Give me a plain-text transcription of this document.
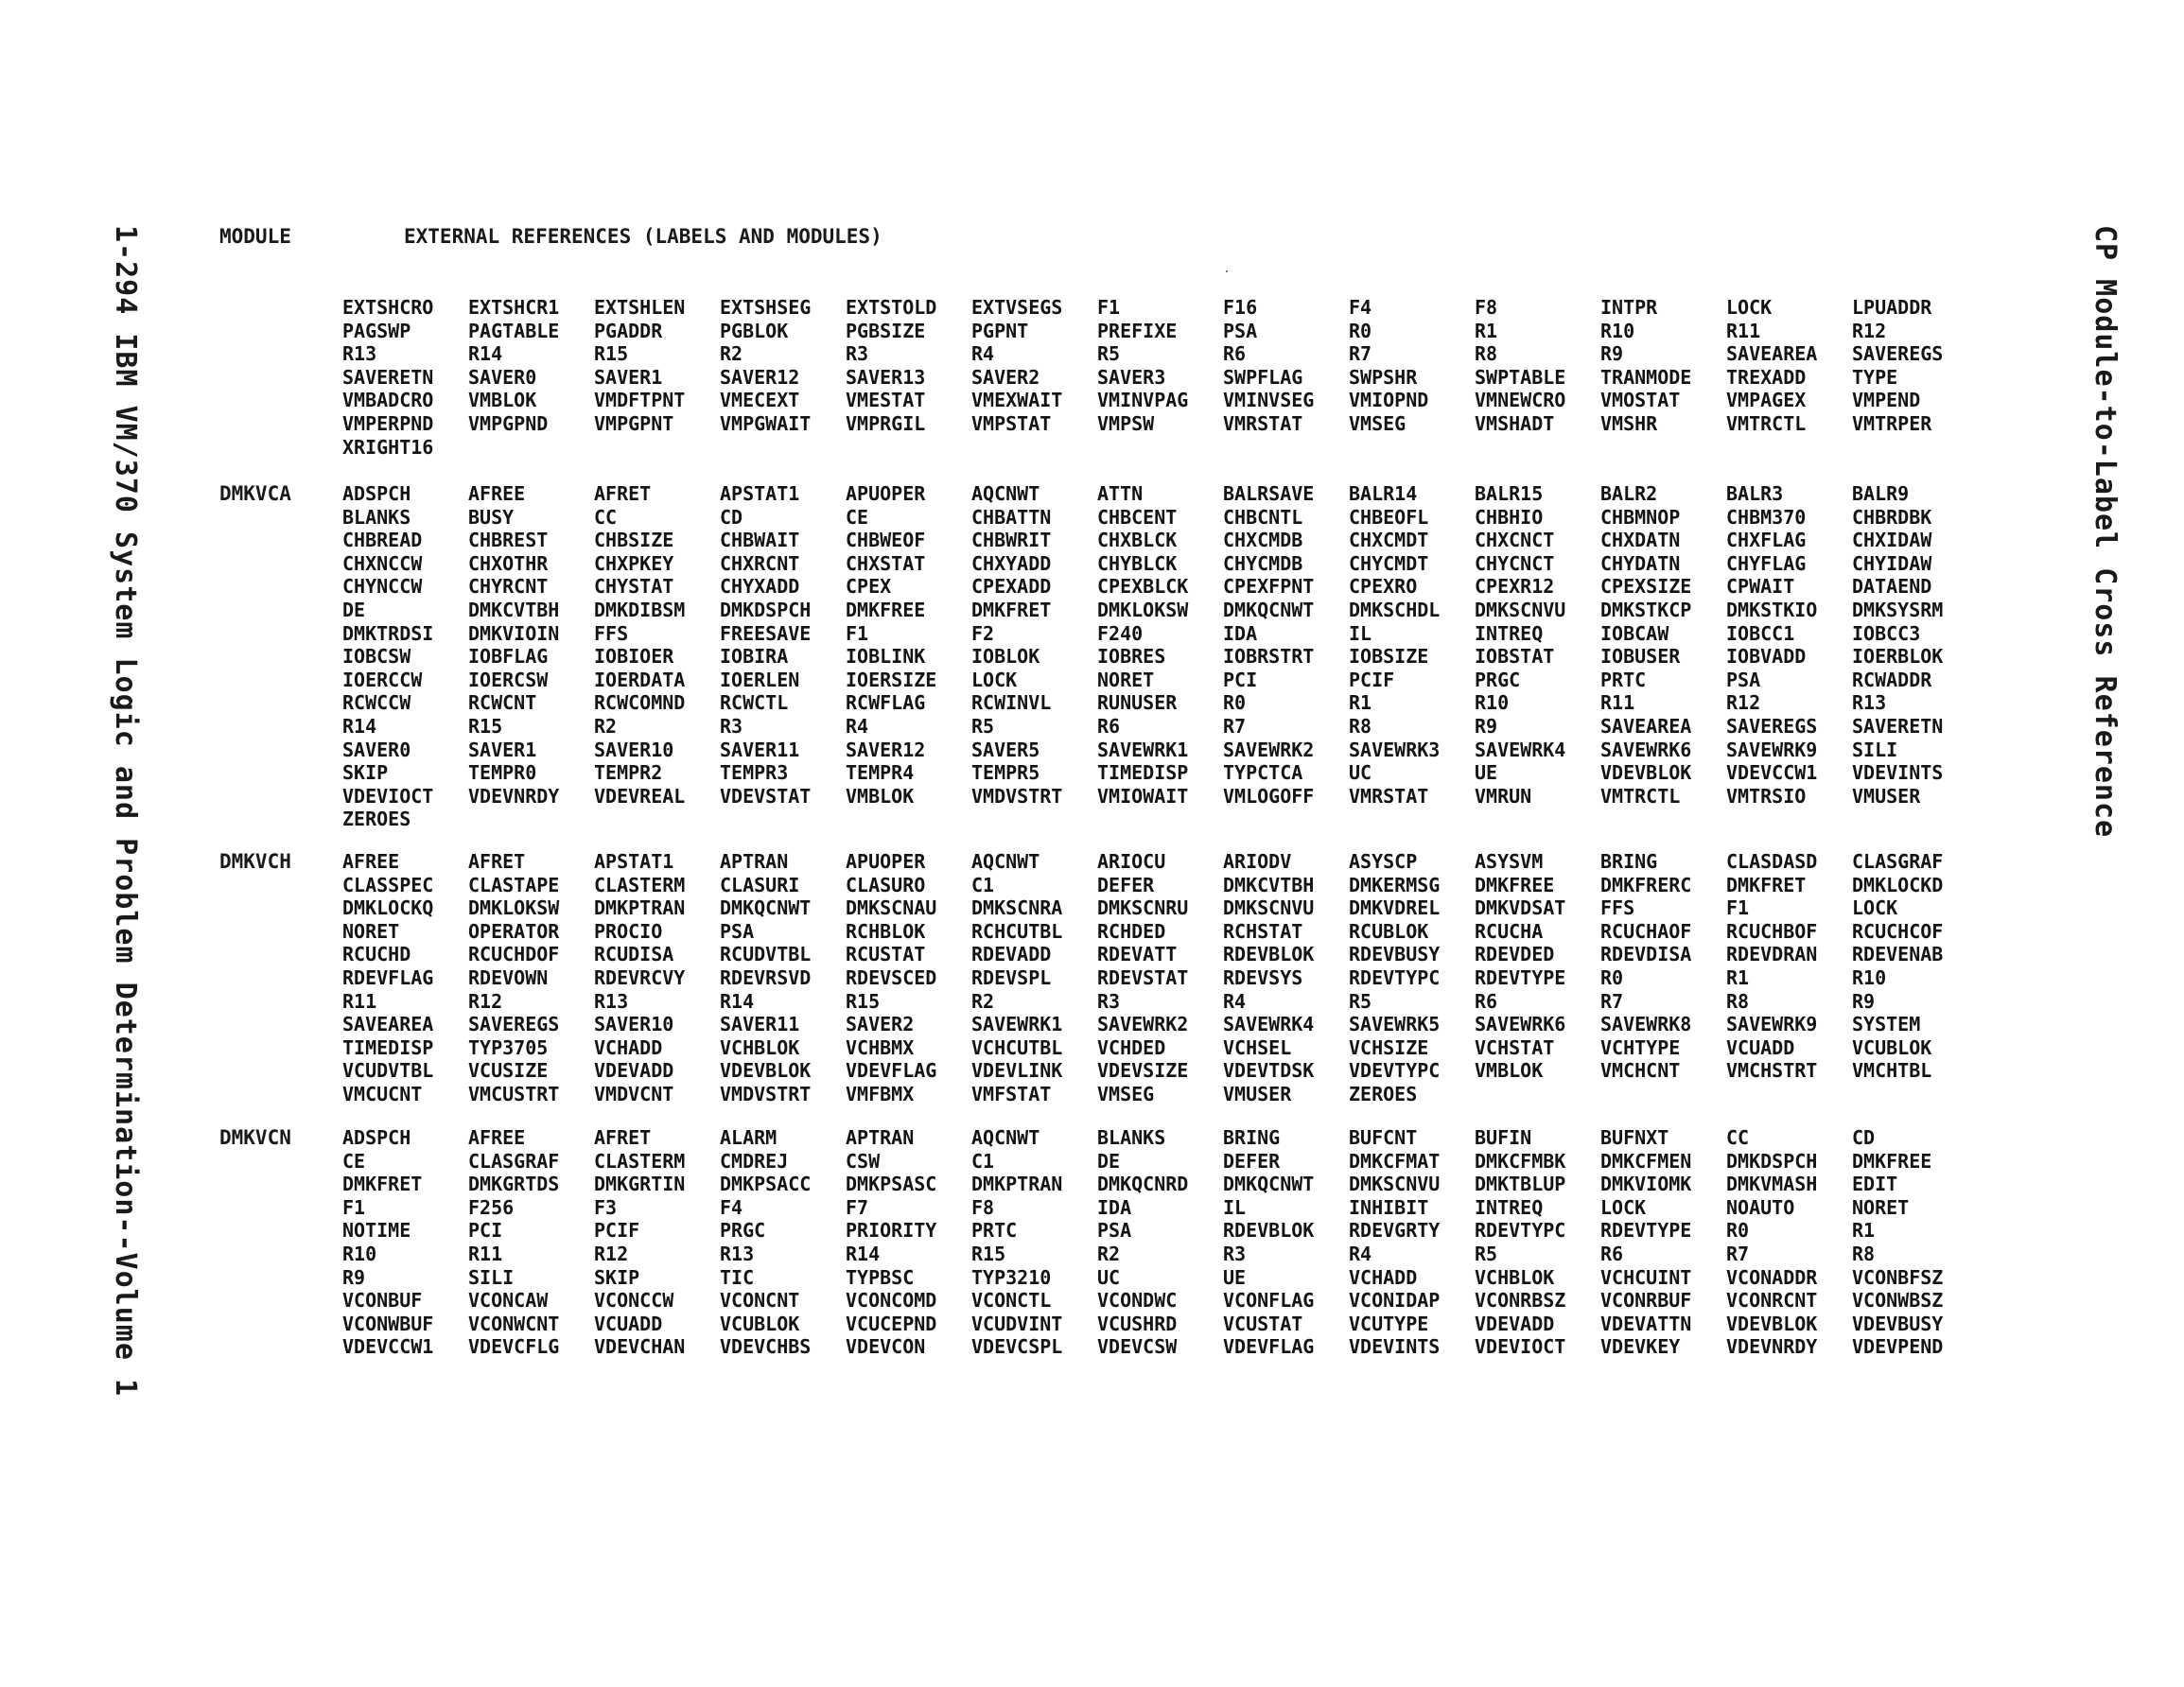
1-294 IBM VM/370 System Logic and Problem Determination--Volume 1	CP Module-to-Label Cross Reference
MODULE	EXTERNAL REFERENCES (LABELS AND MODULES)
EXTSHCRO	EXTSHCR1	EXTSHLEN	EXTSHSEG	EXTSTOLD	EXTVSEGS	F1	F16	F4	F8	INTPR	LOCK	LPUADDR
PAGSWP	PAGTABLE	PGADDR	PGBLOK	PGBSIZE	PGPNT	PREFIXE	PSA	R0	R1	R10	R11	R12
R13	R14	R15	R2	R3	R4	R5	R6	R7	R8	R9	SAVEAREA	SAVEREGS
SAVERETN	SAVER0	SAVER1	SAVER12	SAVER13	SAVER2	SAVER3	SWPFLAG	SWPSHR	SWPTABLE	TRANMODE	TREXADD	TYPE
VMBADCRO	VMBLOK	VMDFTPNT	VMECEXT	VMESTAT	VMEXWAIT	VMINVPAG	VMINVSEG	VMIOPND	VMNEWCRO	VMOSTAT	VMPAGEX	VMPEND
VMPERPND	VMPGPND	VMPGPNT	VMPGWAIT	VMPRGIL	VMPSTAT	VMPSW	VMRSTAT	VMSEG	VMSHADT	VMSHR	VMTRCTL	VMTRPER
XRIGHT16
DMKVCA	ADSPCH	AFREE	AFRET	APSTAT1	APUOPER	AQCNWT	ATTN	BALRSAVE	BALR14	BALR15	BALR2	BALR3	BALR9
BLANKS	BUSY	CC	CD	CE	CHBATTN	CHBCENT	CHBCNTL	CHBEOFL	CHBHIO	CHBMNOP	CHBM370	CHBRDBK
CHBREAD	CHBREST	CHBSIZE	CHBWAIT	CHBWEOF	CHBWRIT	CHXBLCK	CHXCMDB	CHXCMDT	CHXCNCT	CHXDATN	CHXFLAG	CHXIDAW
CHXNCCW	CHXOTHR	CHXPKEY	CHXRCNT	CHXSTAT	CHXYADD	CHYBLCK	CHYCMDB	CHYCMDT	CHYCNCT	CHYDATN	CHYFLAG	CHYIDAW
CHYNCCW	CHYRCNT	CHYSTAT	CHYXADD	CPEX	CPEXADD	CPEXBLCK	CPEXFPNT	CPEXRO	CPEXR12	CPEXSIZE	CPWAIT	DATAEND
DE	DMKCVTBH	DMKDIBSM	DMKDSPCH	DMKFREE	DMKFRET	DMKLOKSW	DMKQCNWT	DMKSCHDL	DMKSCNVU	DMKSTKCP	DMKSTKIO	DMKSYSRM
DMKTRDSI	DMKVIOIN	FFS	FREESAVE	F1	F2	F240	IDA	IL	INTREQ	IOBCAW	IOBCC1	IOBCC3
IOBCSW	IOBFLAG	IOBIOER	IOBIRA	IOBLINK	IOBLOK	IOBRES	IOBRSTRT	IOBSIZE	IOBSTAT	IOBUSER	IOBVADD	IOERBLOK
IOERCCW	IOERCSW	IOERDATA	IOERLEN	IOERSIZE	LOCK	NORET	PCI	PCIF	PRGC	PRTC	PSA	RCWADDR
RCWCCW	RCWCNT	RCWCOMND	RCWCTL	RCWFLAG	RCWINVL	RUNUSER	R0	R1	R10	R11	R12	R13
R14	R15	R2	R3	R4	R5	R6	R7	R8	R9	SAVEAREA	SAVEREGS	SAVERETN
SAVER0	SAVER1	SAVER10	SAVER11	SAVER12	SAVER5	SAVEWRK1	SAVEWRK2	SAVEWRK3	SAVEWRK4	SAVEWRK6	SAVEWRK9	SILI
SKIP	TEMPR0	TEMPR2	TEMPR3	TEMPR4	TEMPR5	TIMEDISP	TYPCTCA	UC	UE	VDEVBLOK	VDEVCCW1	VDEVINTS
VDEVIOCT	VDEVNRDY	VDEVREAL	VDEVSTAT	VMBLOK	VMDVSTRT	VMIOWAIT	VMLOGOFF	VMRSTAT	VMRUN	VMTRCTL	VMTRSIO	VMUSER
ZEROES
DMKVCH	AFREE	AFRET	APSTAT1	APTRAN	APUOPER	AQCNWT	ARIOCU	ARIODV	ASYSCP	ASYSVM	BRING	CLASDASD	CLASGRAF
CLASSPEC	CLASTAPE	CLASTERM	CLASURI	CLASURO	C1	DEFER	DMKCVTBH	DMKERMSG	DMKFREE	DMKFRERC	DMKFRET	DMKLOCKD
DMKLOCKQ	DMKLOKSW	DMKPTRAN	DMKQCNWT	DMKSCNAU	DMKSCNRA	DMKSCNRU	DMKSCNVU	DMKVDREL	DMKVDSAT	FFS	F1	LOCK
NORET	OPERATOR	PROCIO	PSA	RCHBLOK	RCHCUTBL	RCHDED	RCHSTAT	RCUBLOK	RCUCHA	RCUCHAOF	RCUCHBOF	RCUCHCOF
RCUCHD	RCUCHDOF	RCUDISA	RCUDVTBL	RCUSTAT	RDEVADD	RDEVATT	RDEVBLOK	RDEVBUSY	RDEVDED	RDEVDISA	RDEVDRAN	RDEVENAB
RDEVFLAG	RDEVOWN	RDEVRCVY	RDEVRSVD	RDEVSCED	RDEVSPL	RDEVSTAT	RDEVSYS	RDEVTYPC	RDEVTYPE	R0	R1	R10
R11	R12	R13	R14	R15	R2	R3	R4	R5	R6	R7	R8	R9
SAVEAREA	SAVEREGS	SAVER10	SAVER11	SAVER2	SAVEWRK1	SAVEWRK2	SAVEWRK4	SAVEWRK5	SAVEWRK6	SAVEWRK8	SAVEWRK9	SYSTEM
TIMEDISP	TYP3705	VCHADD	VCHBLOK	VCHBMX	VCHCUTBL	VCHDED	VCHSEL	VCHSIZE	VCHSTAT	VCHTYPE	VCUADD	VCUBLOK
VCUDVTBL	VCUSIZE	VDEVADD	VDEVBLOK	VDEVFLAG	VDEVLINK	VDEVSIZE	VDEVTDSK	VDEVTYPC	VMBLOK	VMCHCNT	VMCHSTRT	VMCHTBL
VMCUCNT	VMCUSTRT	VMDVCNT	VMDVSTRT	VMFBMX	VMFSTAT	VMSEG	VMUSER	ZEROES
DMKVCN	ADSPCH	AFREE	AFRET	ALARM	APTRAN	AQCNWT	BLANKS	BRING	BUFCNT	BUFIN	BUFNXT	CC	CD
CE	CLASGRAF	CLASTERM	CMDREJ	CSW	C1	DE	DEFER	DMKCFMAT	DMKCFMBK	DMKCFMEN	DMKDSPCH	DMKFREE
DMKFRET	DMKGRTDS	DMKGRTIN	DMKPSACC	DMKPSASC	DMKPTRAN	DMKQCNRD	DMKQCNWT	DMKSCNVU	DMKTBLUP	DMKVIOMK	DMKVMASH	EDIT
F1	F256	F3	F4	F7	F8	IDA	IL	INHIBIT	INTREQ	LOCK	NOAUTO	NORET
NOTIME	PCI	PCIF	PRGC	PRIORITY	PRTC	PSA	RDEVBLOK	RDEVGRTY	RDEVTYPC	RDEVTYPE	R0	R1
R10	R11	R12	R13	R14	R15	R2	R3	R4	R5	R6	R7	R8
R9	SILI	SKIP	TIC	TYPBSC	TYP3210	UC	UE	VCHADD	VCHBLOK	VCHCUINT	VCONADDR	VCONBFSZ
VCONBUF	VCONCAW	VCONCCW	VCONCNT	VCONCOMD	VCONCTL	VCONDWC	VCONFLAG	VCONIDAP	VCONRBSZ	VCONRBUF	VCONRCNT	VCONWBSZ
VCONWBUF	VCONWCNT	VCUADD	VCUBLOK	VCUCEPND	VCUDVINT	VCUSHRD	VCUSTAT	VCUTYPE	VDEVADD	VDEVATTN	VDEVBLOK	VDEVBUSY
VDEVCCW1	VDEVCFLG	VDEVCHAN	VDEVCHBS	VDEVCON	VDEVCSPL	VDEVCSW	VDEVFLAG	VDEVINTS	VDEVIOCT	VDEVKEY	VDEVNRDY	VDEVPEND
